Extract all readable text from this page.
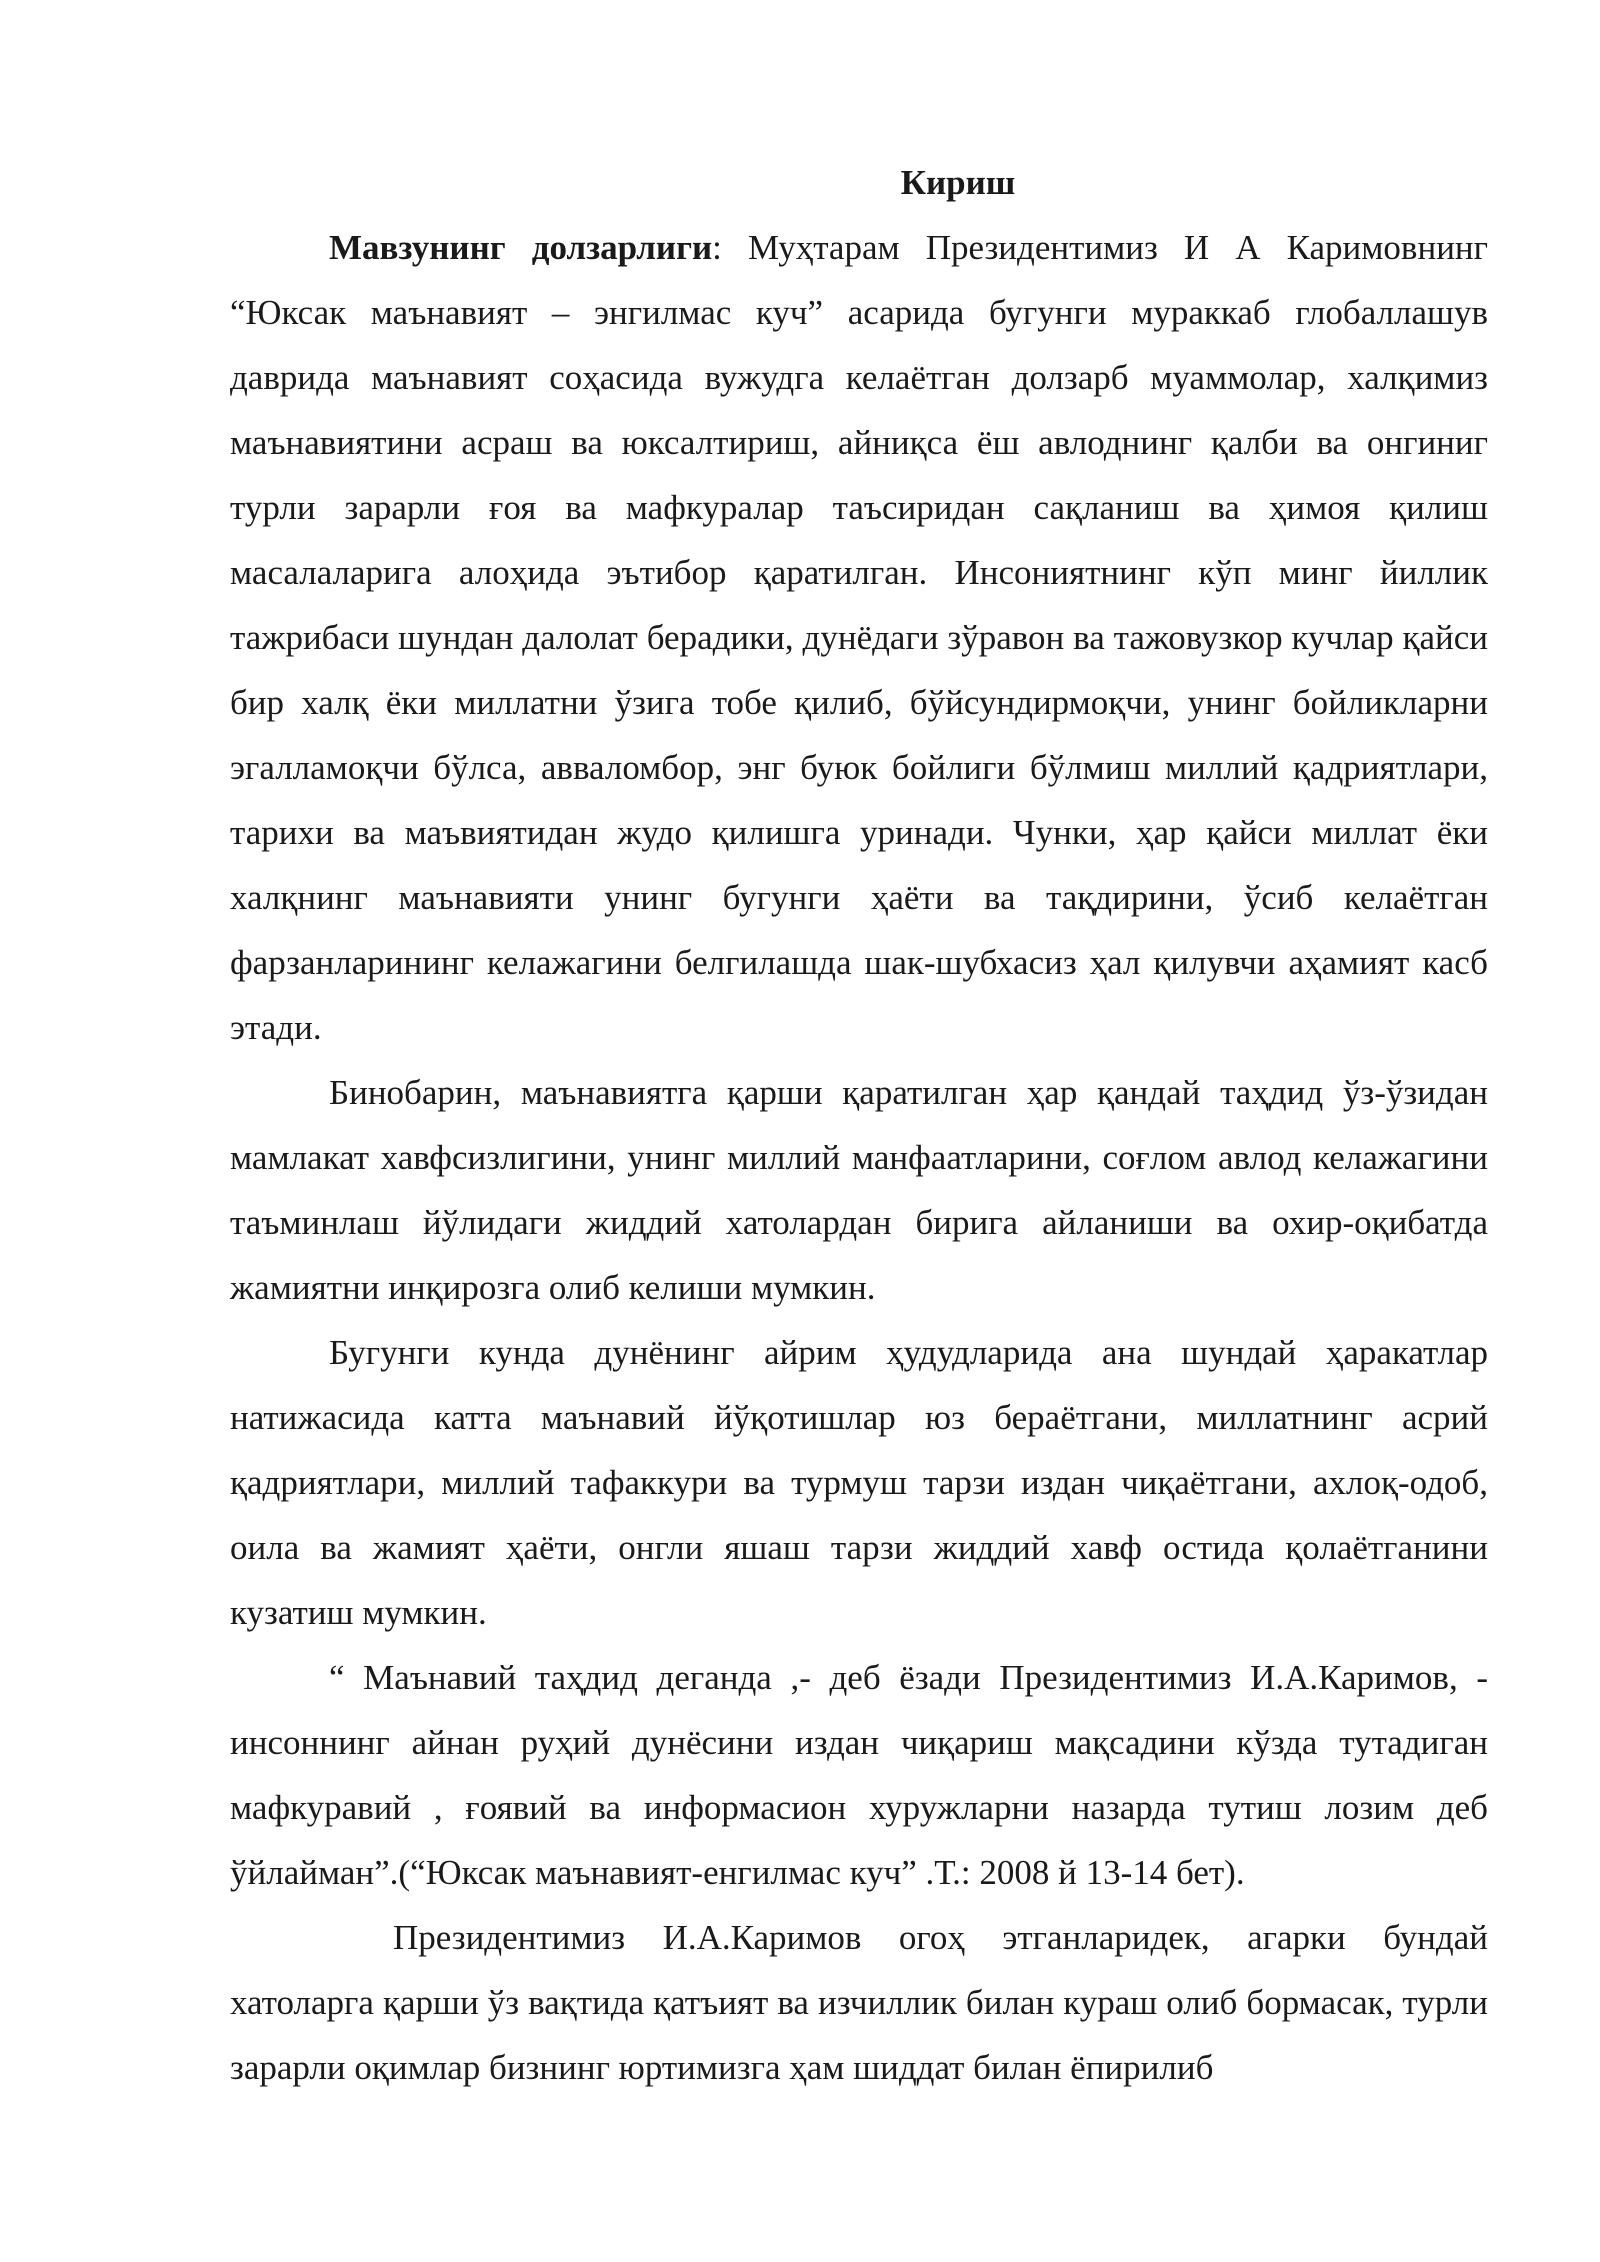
Кириш

Мавзунинг долзарлиги: Муҳтарам Президентимиз И А Каримовнинг “Юксак маънавият – энгилмас куч” асарида бугунги мураккаб глобаллашув даврида маънавият соҳасида вужудга келаётган долзарб муаммолар, халқимиз маънавиятини асраш ва юксалтириш, айниқса ёш авлоднинг қалби ва онгиниг турли зарарли ғоя ва мафкуралар таъсиридан сақланиш ва ҳимоя қилиш масалаларига алоҳида эътибор қаратилган. Инсониятнинг кўп минг йиллик тажрибаси шундан далолат берадики, дунёдаги зўравон ва тажовузкор кучлар қайси бир халқ ёки миллатни ўзига тобе қилиб, бўйсундирмоқчи, унинг бойликларни эгалламоқчи бўлса, авваломбор, энг буюк бойлиги бўлмиш миллий қадриятлари, тарихи ва маъвиятидан жудо қилишга уринади. Чунки, ҳар қайси миллат ёки халқнинг маънавияти унинг бугунги ҳаёти ва тақдирини, ўсиб келаётган фарзанларининг келажагини белгилашда шак-шубхасиз ҳал қилувчи аҳамият касб этади.

Бинобарин, маънавиятга қарши қаратилган ҳар қандай таҳдид ўз-ўзидан мамлакат хавфсизлигини, унинг миллий манфаатларини, соғлом авлод келажагини таъминлаш йўлидаги жиддий хатолардан бирига айланиши ва охир-оқибатда жамиятни инқирозга олиб келиши мумкин.

Бугунги кунда дунёнинг айрим ҳудудларида ана шундай ҳаракатлар натижасида катта маънавий йўқотишлар юз бераётгани, миллатнинг асрий қадриятлари, миллий тафаккури ва турмуш тарзи издан чиқаётгани, ахлоқ-одоб, оила ва жамият ҳаёти, онгли яшаш тарзи жиддий хавф остида қолаётганини кузатиш мумкин.

“ Маънавий таҳдид деганда ,- деб ёзади Президентимиз И.А.Каримов, - инсоннинг айнан руҳий дунёсини издан чиқариш мақсадини кўзда тутадиган мафкуравий , ғоявий ва информасион хуружларни назарда тутиш лозим деб ўйлайман”.(“Юксак маънавият-енгилмас куч” .Т.: 2008 й 13-14 бет).

Президентимиз И.А.Каримов огоҳ этганларидек, агарки бундай хатоларга қарши ўз вақтида қатъият ва изчиллик билан кураш олиб бормасак, турли зарарли оқимлар бизнинг юртимизга ҳам шиддат билан ёпирилиб
